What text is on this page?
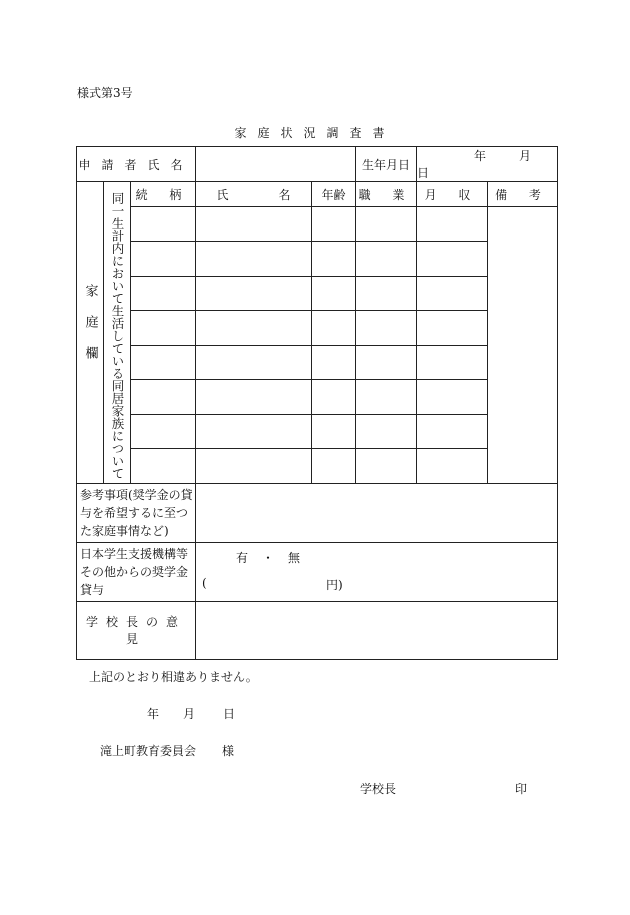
様式第3号
家庭状況調査書
申請者氏名					生年月日	年 月日	
家庭欄	同一生計内において生活している同居家族について	続 柄	氏 名	年齢	職 業	月 収	備 考

参考事項(奨学金の貸与を希望するに至つた家庭事情など)							
日本学生支援機構等その他からの奨学金貸与			有 ・ 無
( 円)				

学校長の意見							
上記のとおり相違ありません。
年 月 日
滝上町教育委員会 様
学校長	印
